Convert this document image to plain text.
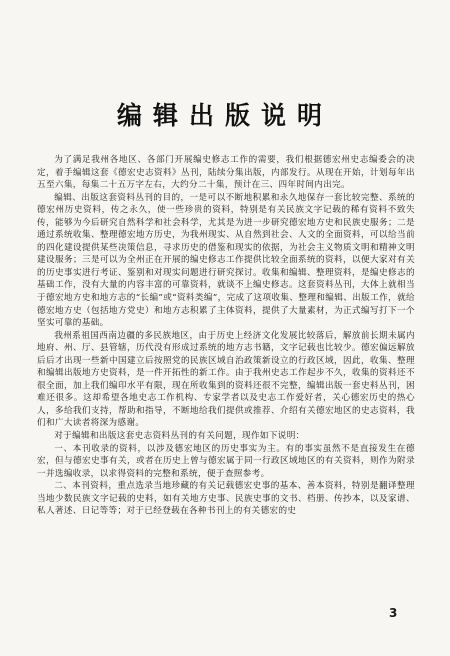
编辑出版说明

为了满足我州各地区、各部门开展编史修志工作的需要，我们根据德宏州史志编委会的决定，着手编辑这套《德宏史志资料》丛刊，陆续分集出版，内部发行。从现在开始，计划每年出五至六集，每集二十五万字左右，大约分二十集，预计在三、四年时间内出完。

编辑、出版这套资料丛刊的目的，一是可以不断地积累和永久地保存一套比较完整、系统的德宏州历史资料，传之永久，使一些珍贵的资料，特别是有关民族文字记载的稀有资料不致失传，能够为今后研究自然科学和社会科学，尤其是为进一步研究德宏地方史和民族史服务；二是通过系统收集、整理德宏地方历史，为我州现实、从自然到社会、人文的全面资料，可以给当前的四化建设提供某些决策信息，寻求历史的借鉴和现实的依据，为社会主义物质文明和精神文明建设服务；三是可以为全州正在开展的编史修志工作提供比较全面系统的资料，以便大家对有关的历史事实进行考证、鉴别和对现实问题进行研究探讨。收集和编辑、整理资料，是编史修志的基础工作，没有大量的内容丰富的可靠资料，就谈不上编史修志。这套资料丛刊，大体上就相当于德宏地方史和地方志的“长编”或“资料类编”，完成了这项收集、整理和编辑、出版工作，就给德宏地方史（包括地方党史）和地方志积累了主体资料，提供了大量素材，为正式编写打下一个坚实可靠的基础。

我州系祖国西南边疆的多民族地区，由于历史上经济文化发展比较落后，解放前长期未属内地府、州、厅、县管辖，历代没有形成过系统的地方志书籍，文字记载也比较少。德宏偏远解放后后才出现一些新中国建立后按照党的民族区域自治政策新设立的行政区域，因此，收集、整理和编辑出版地方史资料，是一件开拓性的新工作。由于我州史志工作起步不久，收集的资料还不很全面，加上我们编印水平有限，现在所收集到的资料还很不完整，编辑出版一套史料丛刊，困难还很多。这却希望各地史志工作机构、专家学者以及史志工作爱好者，关心德宏历史的热心人，多给我们支持，帮助和指导，不断地给我们提供或推荐、介绍有关德宏地区的史志资料，我们和广大读者将深为感谢。

对于编辑和出版这套史志资料丛刊的有关问题，现作如下说明：

一、本刊收录的资料，以涉及德宏地区的历史事实为主。有的事实虽然不是直接发生在德宏，但与德宏史事有关，或者在历史上曾与德宏属于同一行政区域地区的有关资料，则作为附录一并选编收录，以求得资料的完整和系统，便于查照参考。

二、本刊资料，重点选录当地珍藏的有关记载德宏史事的基本、善本资料，特别是翻译整理当地少数民族文字记载的史料，如有关地方史事、民族史事的文书、档册、传抄本，以及家谱、私人著述、日记等等；对于已经登载在各种书刊上的有关德宏的史

3
